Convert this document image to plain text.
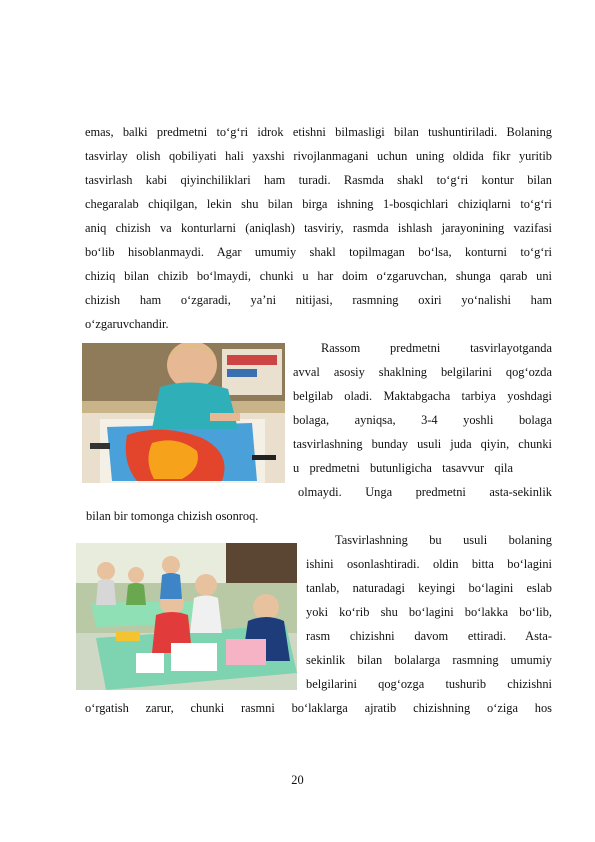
emas, balki predmetni to‘g‘ri idrok etishni bilmasligi bilan tushuntiriladi. Bolaning
tasvirlay olish qobiliyati hali yaxshi rivojlanmagani uchun uning oldida fikr yuritib
tasvirlash kabi qiyinchiliklari ham turadi. Rasmda shakl to‘g‘ri kontur bilan
chegaralab chiqilgan, lekin shu bilan birga ishning 1-bosqichlari chiziqlarni to‘g‘ri
aniq chizish va konturlarni (aniqlash) tasviriy, rasmda ishlash jarayonining vazifasi
bo‘lib hisoblanmaydi. Agar umumiy shakl topilmagan bo‘lsa, konturni to‘g‘ri
chiziq bilan chizib bo‘lmaydi, chunki u har doim o‘zgaruvchan, shunga qarab uni
chizish ham o‘zgaradi, ya’ni nitijasi, rasmning oxiri yo‘nalishi ham
o‘zgaruvchandir.
Rassom predmetni tasvirlayotganda
avval asosiy shaklning belgilarini qog‘ozda
belgilab oladi. Maktabgacha tarbiya yoshdagi
bolaga, ayniqsa, 3-4 yoshli bolaga
tasvirlashning bunday usuli juda qiyin, chunki
u predmetni butunligicha tasavvur qila
olmaydi. Unga predmetni asta-sekinlik
bilan bir tomonga chizish osonroq.
Tasvirlashning bu usuli bolaning
ishini osonlashtiradi. oldin bitta bo‘lagini
tanlab, naturadagi keyingi bo‘lagini eslab
yoki ko‘rib shu bo‘lagini bo‘lakka bo‘lib,
rasm chizishni davom ettiradi. Asta-
sekinlik bilan bolalarga rasmning umumiy
belgilarini qog‘ozga tushurib chizishni
o‘rgatish zarur, chunki rasmni bo‘laklarga ajratib chizishning o‘ziga hos
20
